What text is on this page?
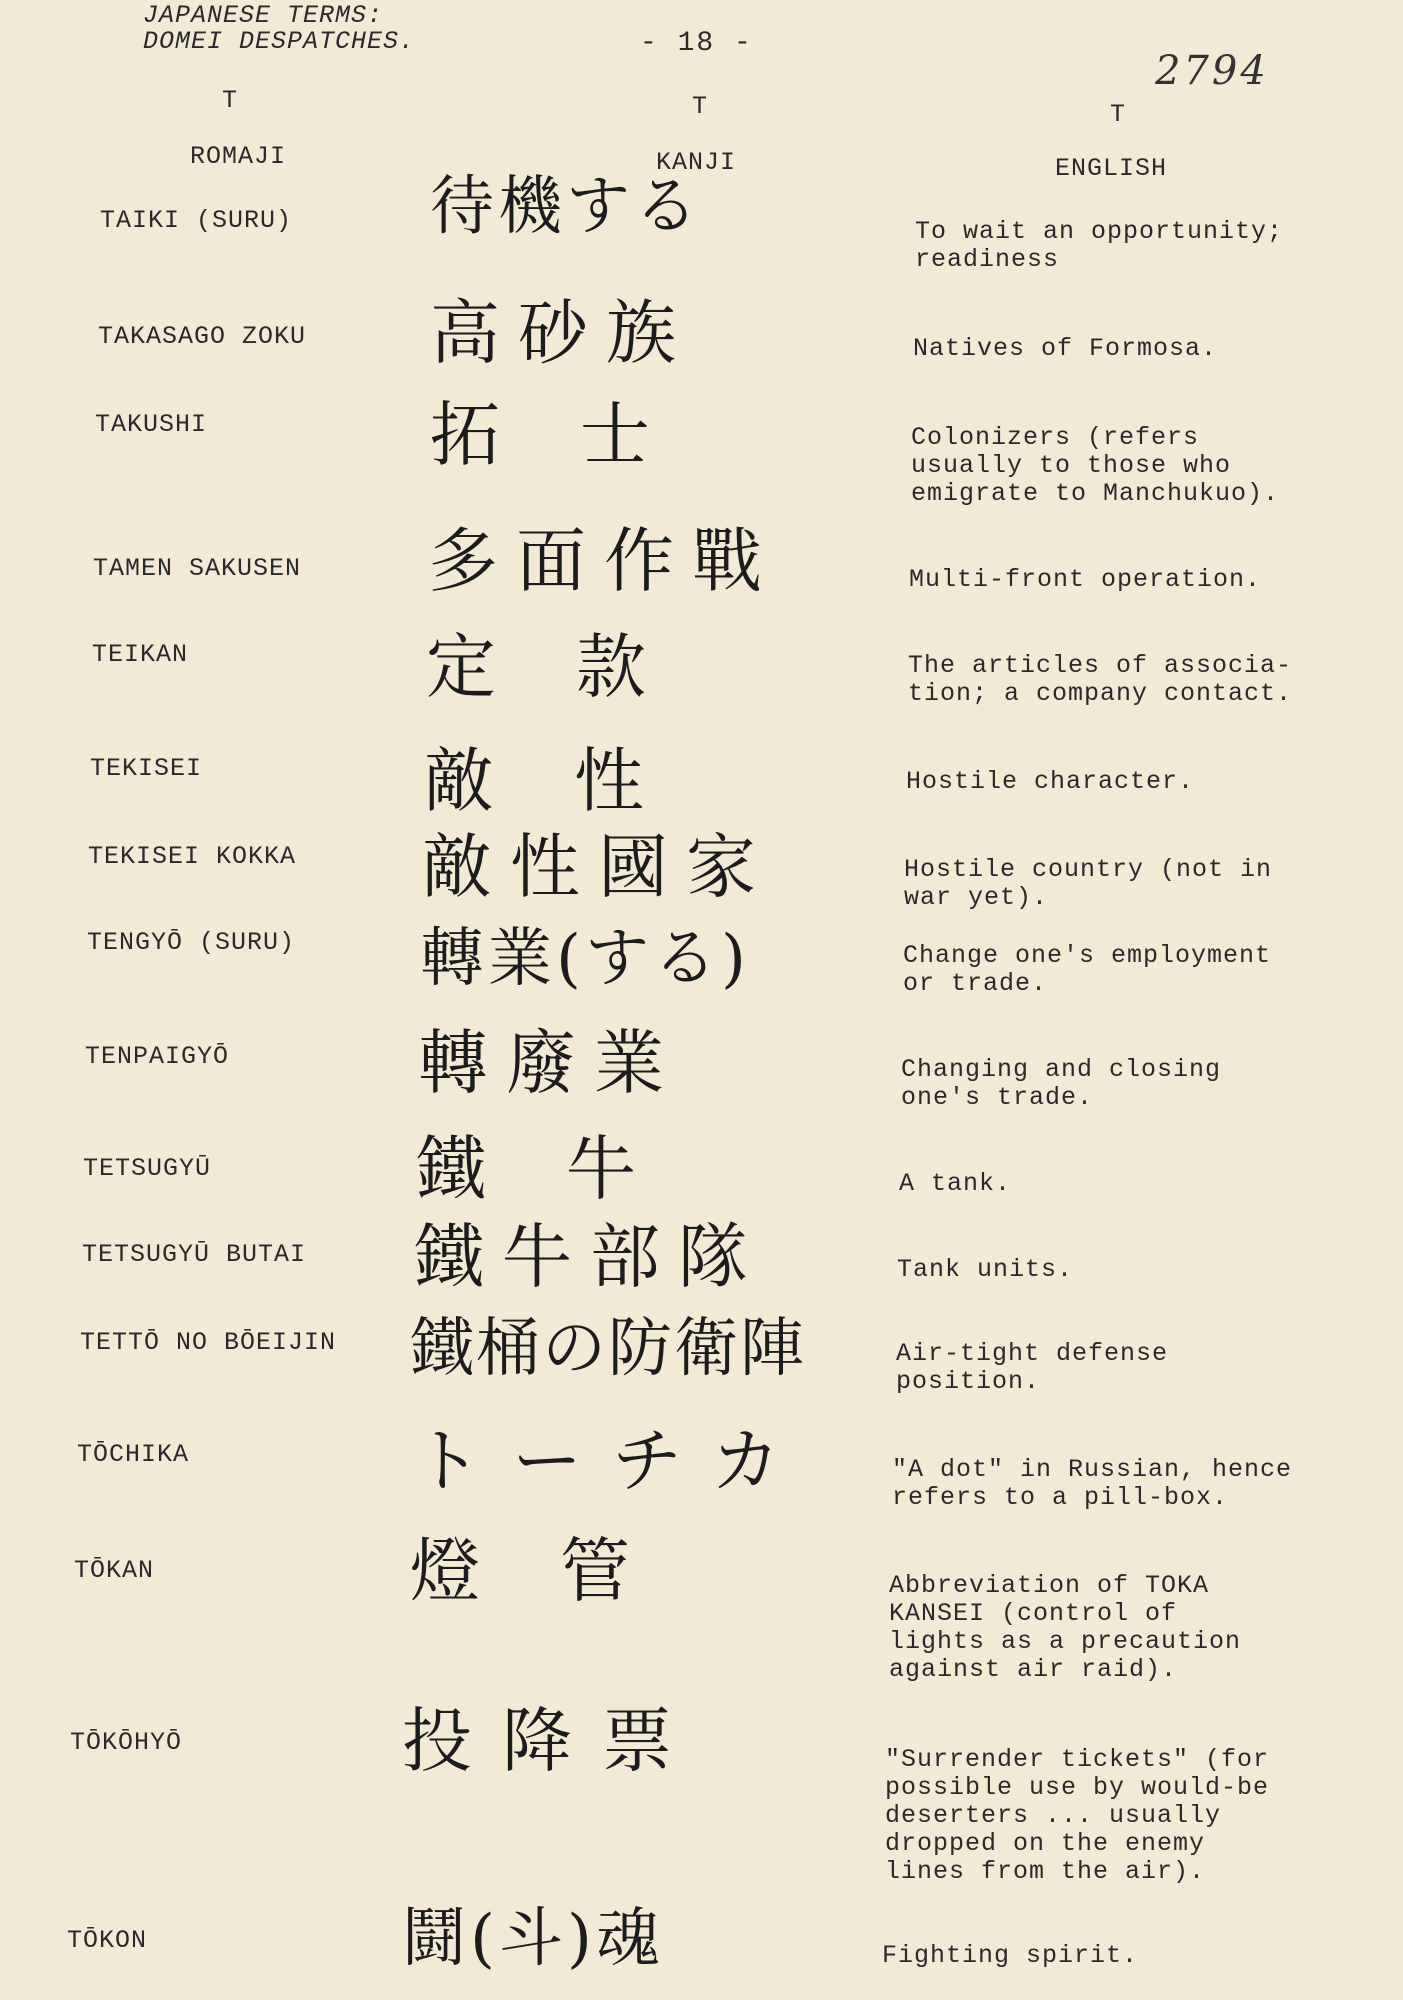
JAPANESE TERMS:
DOMEI DESPATCHES.	- 18 -
2794
T	T	T
ROMAJI	KANJI	ENGLISH
TAIKI (SURU) 待機する	To wait an opportunity;
readiness
TAKASAGO ZOKU 高砂族	Natives of Formosa.
TAKUSHI	拓士	Colonizers (refers
usually to those who
emigrate to Manchukuo).
TAMEN SAKUSEN 多面作戰	Multi-front operation.
TEIKAN	定款	The articles of associa-
tion; a company contact.
TEKISEI	敵性	Hostile character.
TEKISEI KOKKA 敵性國家	Hostile country (not in
war yet).
TENGYŌ (SURU) 轉業(する)	Change one's employment
or trade.
TENPAIGYŌ	轉廢業	Changing and closing
one's trade.
TETSUGYŪ	鐵牛	A tank.
TETSUGYŪ BUTAI 鐵牛部隊	Tank units.
TETTŌ NO BŌEIJIN 鐵桶の防衛陣	Air-tight defense
position.
TŌCHIKA	トーチカ	"A dot" in Russian, hence
refers to a pill-box.
TŌKAN	燈管	Abbreviation of TOKA
KANSEI (control of
lights as a precaution
against air raid).
TŌKŌHYŌ	投降票	"Surrender tickets" (for
possible use by would-be
deserters ... usually
dropped on the enemy
lines from the air).
TŌKON	鬪(斗)魂	Fighting spirit.
